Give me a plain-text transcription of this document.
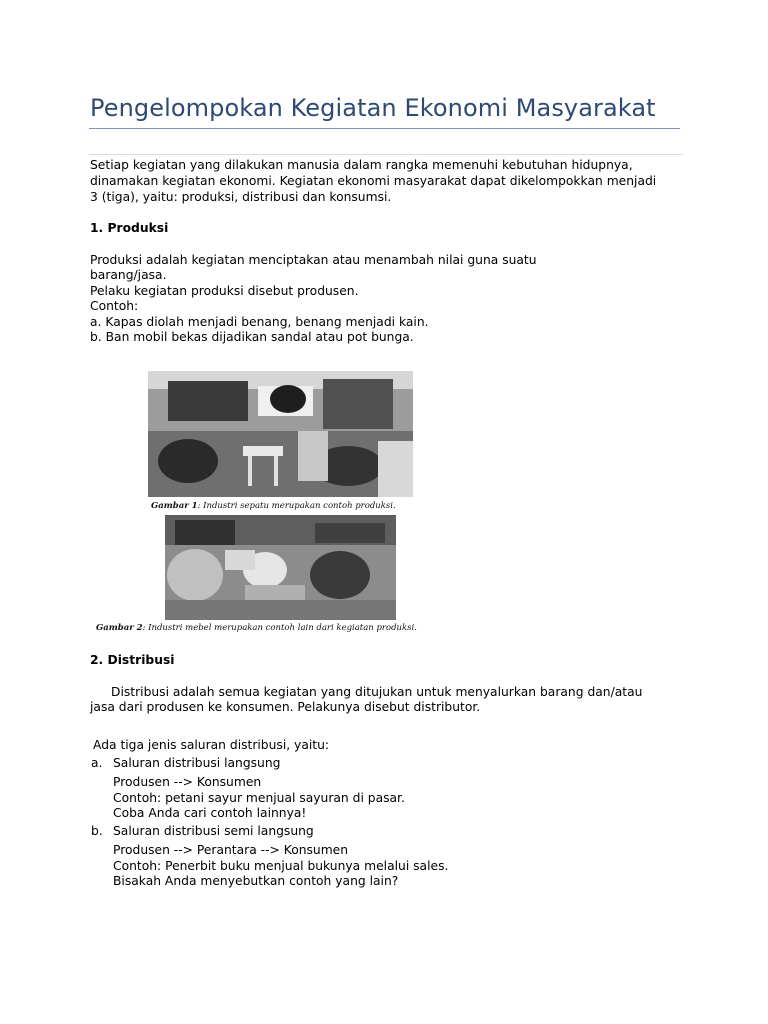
Pengelompokan Kegiatan Ekonomi Masyarakat
Setiap kegiatan yang dilakukan manusia dalam rangka memenuhi kebutuhan hidupnya,
dinamakan kegiatan ekonomi. Kegiatan ekonomi masyarakat dapat dikelompokkan menjadi
3 (tiga), yaitu: produksi, distribusi dan konsumsi.
1. Produksi
Produksi adalah kegiatan menciptakan atau menambah nilai guna suatu
barang/jasa.
Pelaku kegiatan produksi disebut produsen.
Contoh:
a. Kapas diolah menjadi benang, benang menjadi kain.
b. Ban mobil bekas dijadikan sandal atau pot bunga.
Gambar 1: Industri sepatu merupakan contoh produksi.
Gambar 2: Industri mebel merupakan contoh lain dari kegiatan produksi.
2. Distribusi
Distribusi adalah semua kegiatan yang ditujukan untuk menyalurkan barang dan/atau
jasa dari produsen ke konsumen. Pelakunya disebut distributor.
Ada tiga jenis saluran distribusi, yaitu:
a. Saluran distribusi langsung
Produsen --> Konsumen
Contoh: petani sayur menjual sayuran di pasar.
Coba Anda cari contoh lainnya!
b. Saluran distribusi semi langsung
Produsen --> Perantara --> Konsumen
Contoh: Penerbit buku menjual bukunya melalui sales.
Bisakah Anda menyebutkan contoh yang lain?
